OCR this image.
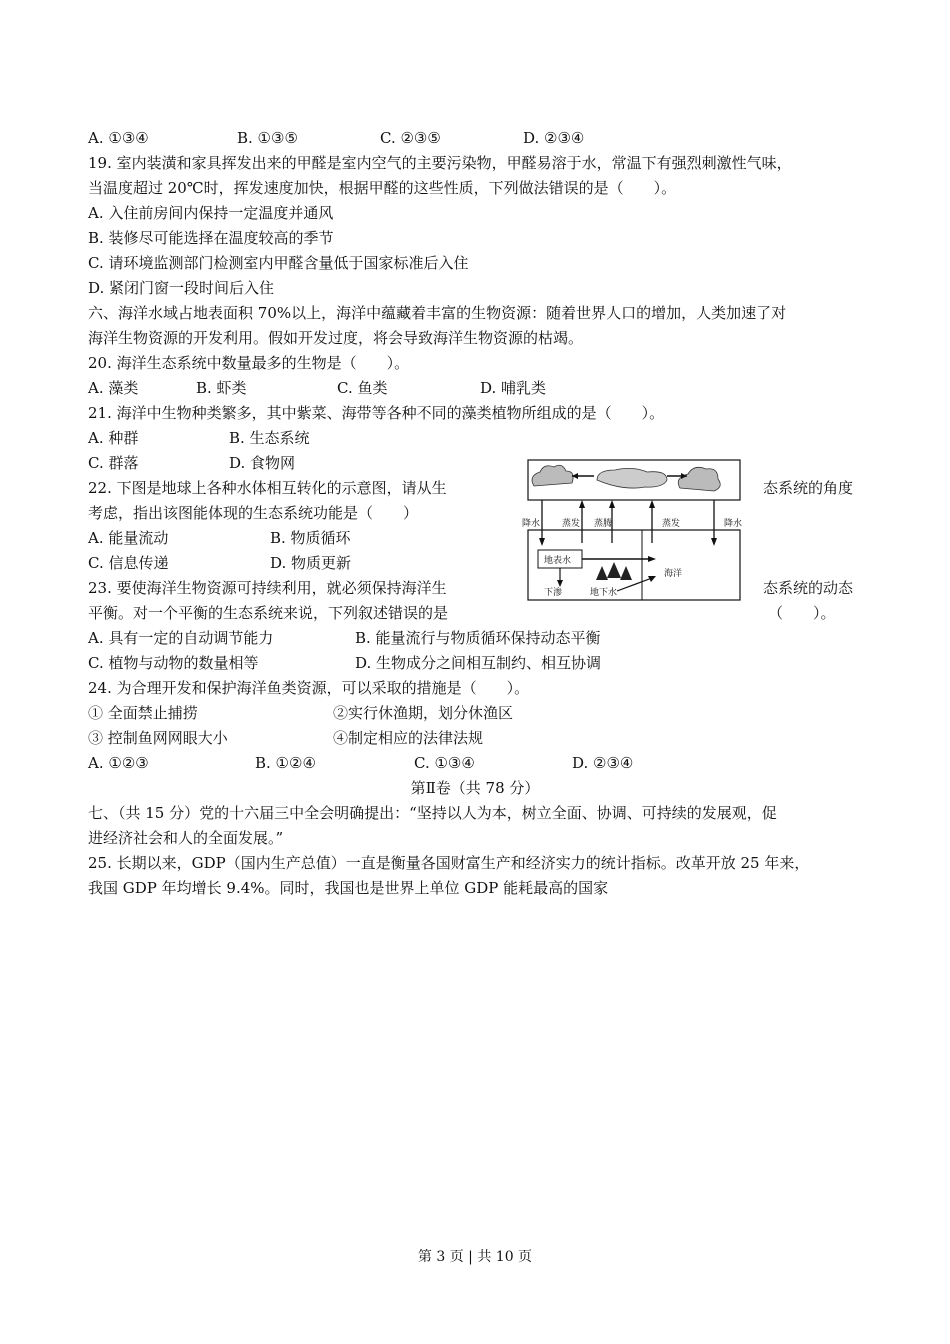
A. ①③④	B. ①③⑤	C. ②③⑤	D. ②③④
19. 室内装潢和家具挥发出来的甲醛是室内空气的主要污染物，甲醛易溶于水，常温下有强烈刺激性气味，
当温度超过 20℃时，挥发速度加快，根据甲醛的这些性质，下列做法错误的是（　　）。
A. 入住前房间内保持一定温度并通风
B. 装修尽可能选择在温度较高的季节
C. 请环境监测部门检测室内甲醛含量低于国家标准后入住
D. 紧闭门窗一段时间后入住
六、海洋水域占地表面积 70%以上，海洋中蕴藏着丰富的生物资源：随着世界人口的增加，人类加速了对
海洋生物资源的开发利用。假如开发过度，将会导致海洋生物资源的枯竭。
20. 海洋生态系统中数量最多的生物是（　　）。
A. 藻类	B. 虾类	C. 鱼类	D. 哺乳类
21. 海洋中生物种类繁多，其中紫菜、海带等各种不同的藻类植物所组成的是（　　）。
A. 种群	B. 生态系统
C. 群落	D. 食物网
22. 下图是地球上各种水体相互转化的示意图，请从生	态系统的角度
考虑，指出该图能体现的生态系统功能是（　　）
A. 能量流动	B. 物质循环
C. 信息传递	D. 物质更新
降水 蒸发 蒸腾	蒸发	降水
地表水
下渗	地下水
海洋
23. 要使海洋生物资源可持续利用，就必须保持海洋生	态系统的动态
平衡。对一个平衡的生态系统来说，下列叙述错误的是	（　　）。
A. 具有一定的自动调节能力	B. 能量流行与物质循环保持动态平衡
C. 植物与动物的数量相等	D. 生物成分之间相互制约、相互协调
24. 为合理开发和保护海洋鱼类资源，可以采取的措施是（　　）。
① 全面禁止捕捞	②实行休渔期，划分休渔区
③ 控制鱼网网眼大小	④制定相应的法律法规
A. ①②③	B. ①②④	C. ①③④	D. ②③④
第Ⅱ卷（共 78 分）
七、（共 15 分）党的十六届三中全会明确提出：“坚持以人为本，树立全面、协调、可持续的发展观，促
进经济社会和人的全面发展。”
25. 长期以来，GDP（国内生产总值）一直是衡量各国财富生产和经济实力的统计指标。改革开放 25 年来，
我国 GDP 年均增长 9.4%。同时，我国也是世界上单位 GDP 能耗最高的国家
第 3 页 | 共 10 页
